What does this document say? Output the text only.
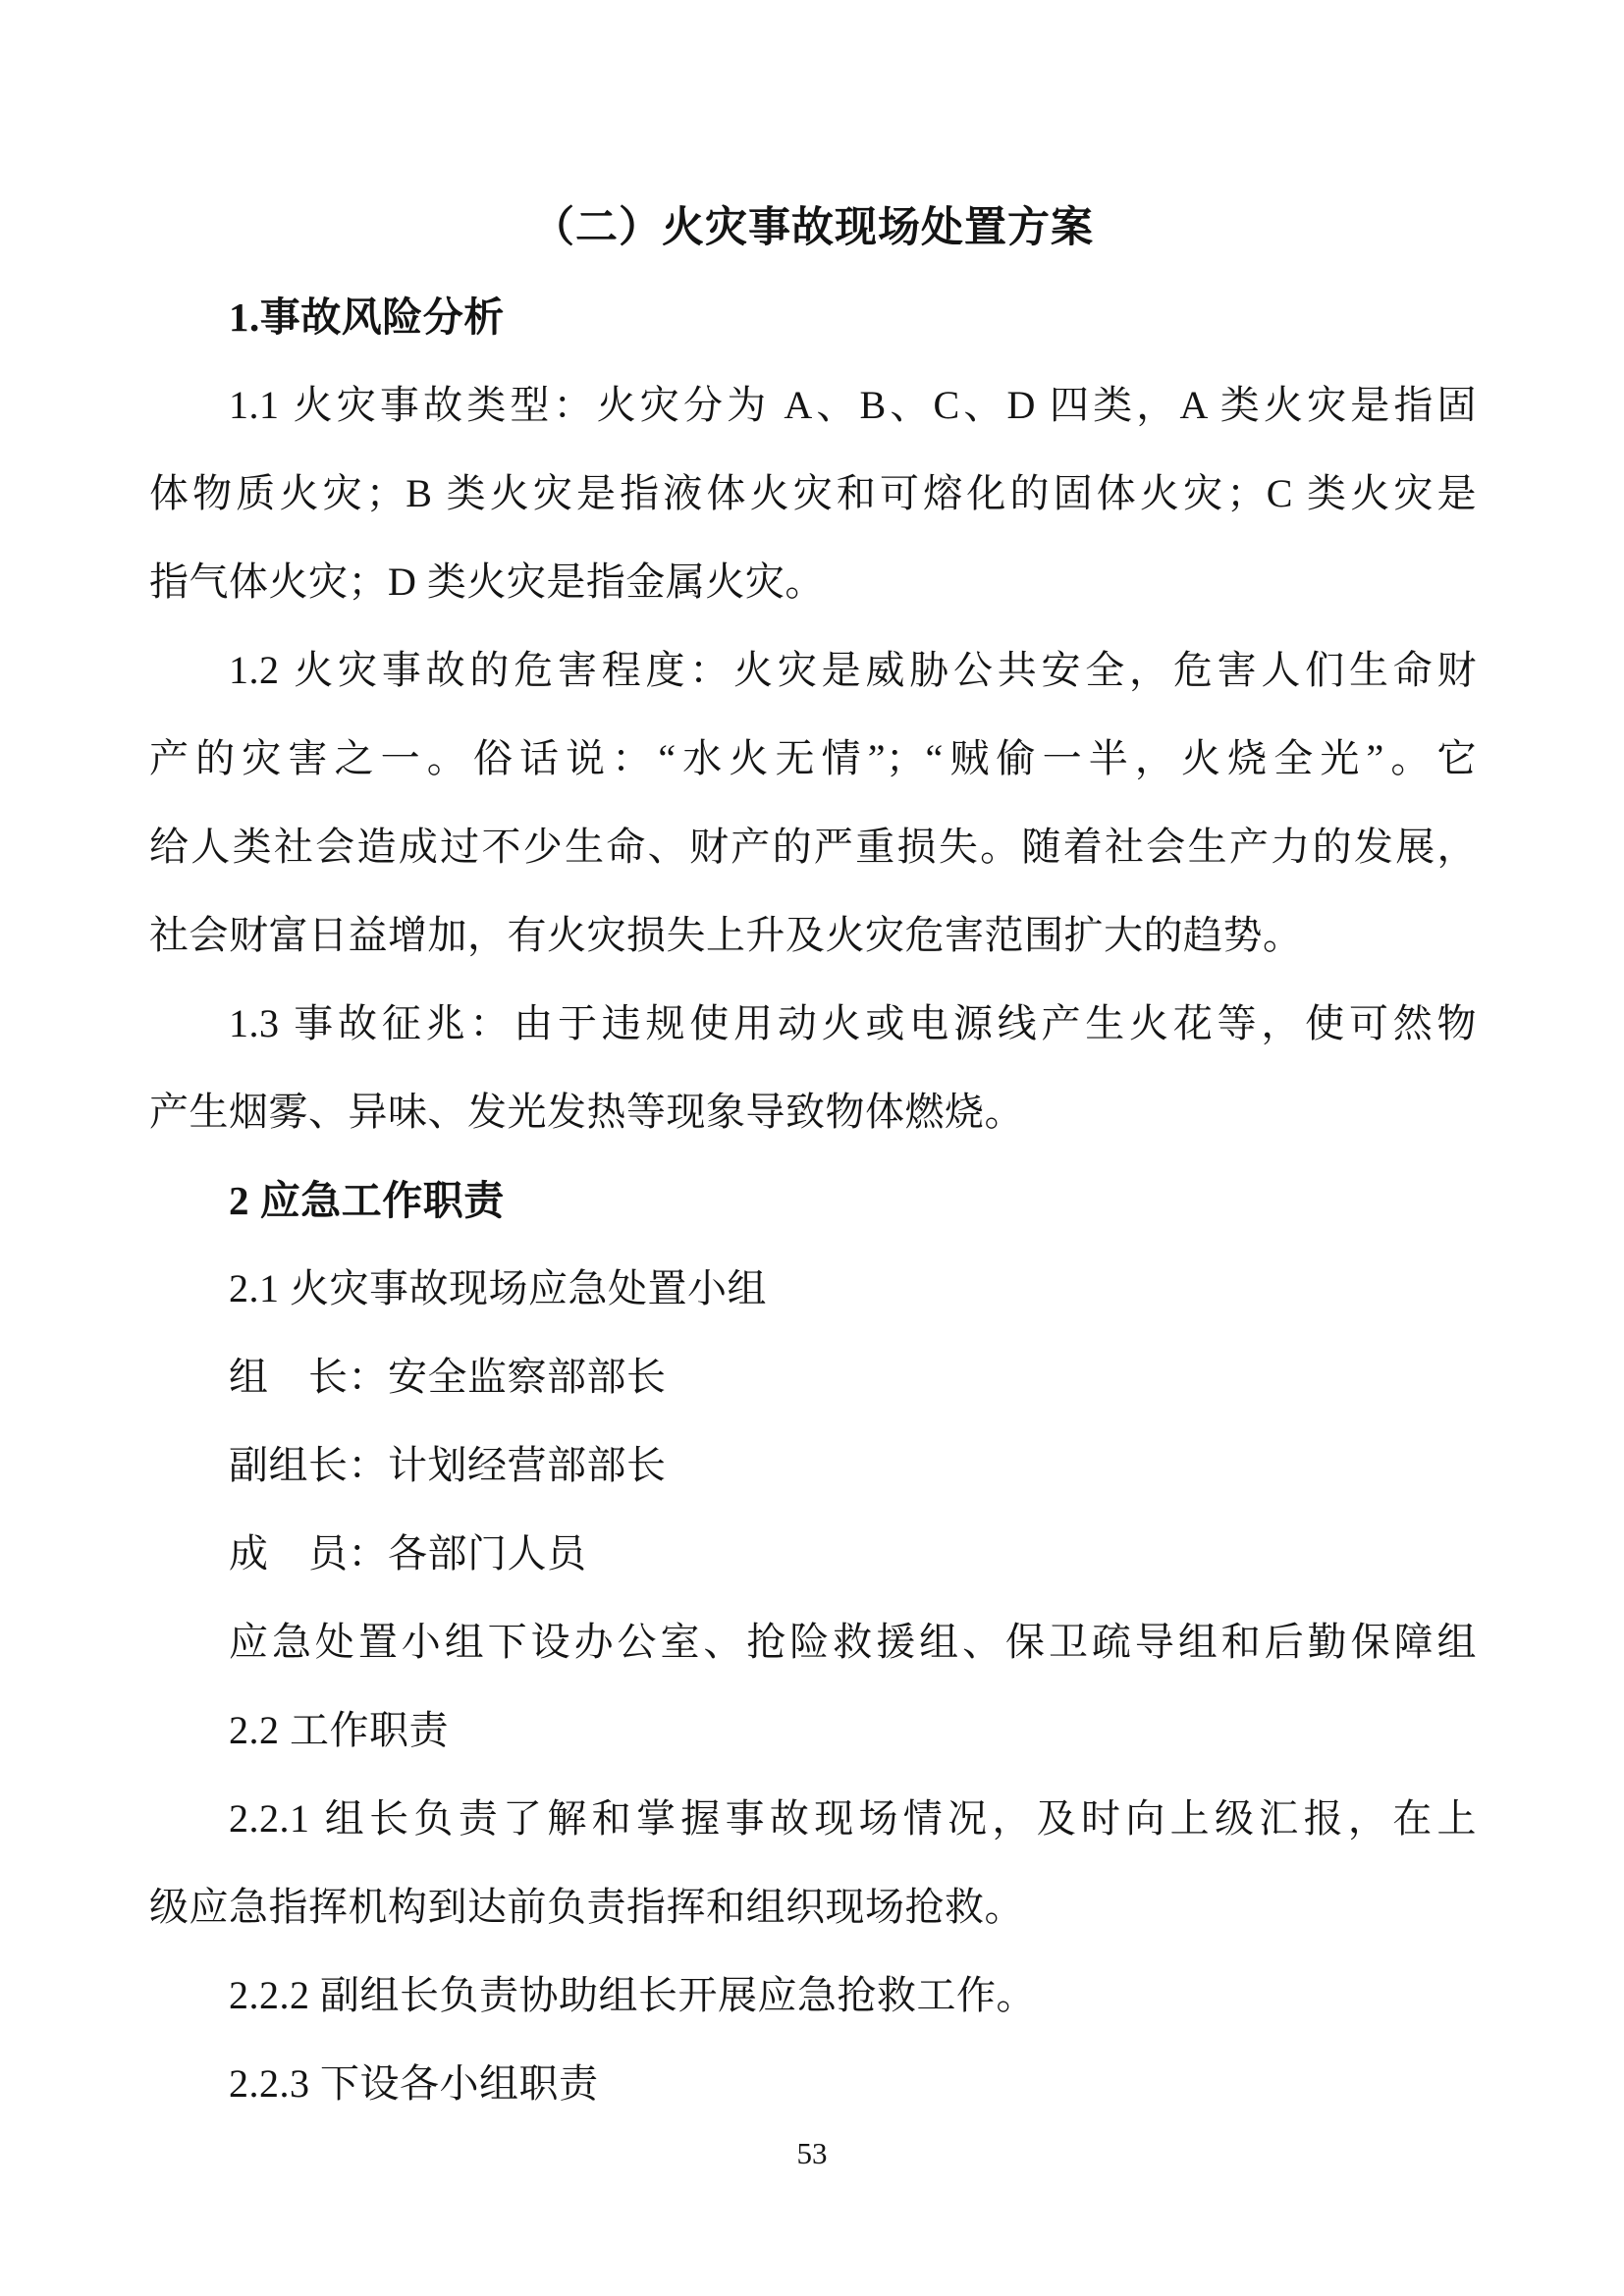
（二）火灾事故现场处置方案
1.事故风险分析
1.1 火灾事故类型：火灾分为 A、B、C、D 四类，A 类火灾是指固
体物质火灾；B 类火灾是指液体火灾和可熔化的固体火灾；C 类火灾是
指气体火灾；D 类火灾是指金属火灾。
1.2 火灾事故的危害程度：火灾是威胁公共安全，危害人们生命财
产的灾害之一。俗话说：“水火无情”；“贼偷一半，火烧全光”。它
给人类社会造成过不少生命、财产的严重损失。随着社会生产力的发展，
社会财富日益增加，有火灾损失上升及火灾危害范围扩大的趋势。
1.3 事故征兆：由于违规使用动火或电源线产生火花等，使可然物
产生烟雾、异味、发光发热等现象导致物体燃烧。
2 应急工作职责
2.1 火灾事故现场应急处置小组
组　长：安全监察部部长
副组长：计划经营部部长
成　员：各部门人员
应急处置小组下设办公室、抢险救援组、保卫疏导组和后勤保障组
2.2 工作职责
2.2.1 组长负责了解和掌握事故现场情况，及时向上级汇报，在上
级应急指挥机构到达前负责指挥和组织现场抢救。
2.2.2 副组长负责协助组长开展应急抢救工作。
2.2.3 下设各小组职责
53
